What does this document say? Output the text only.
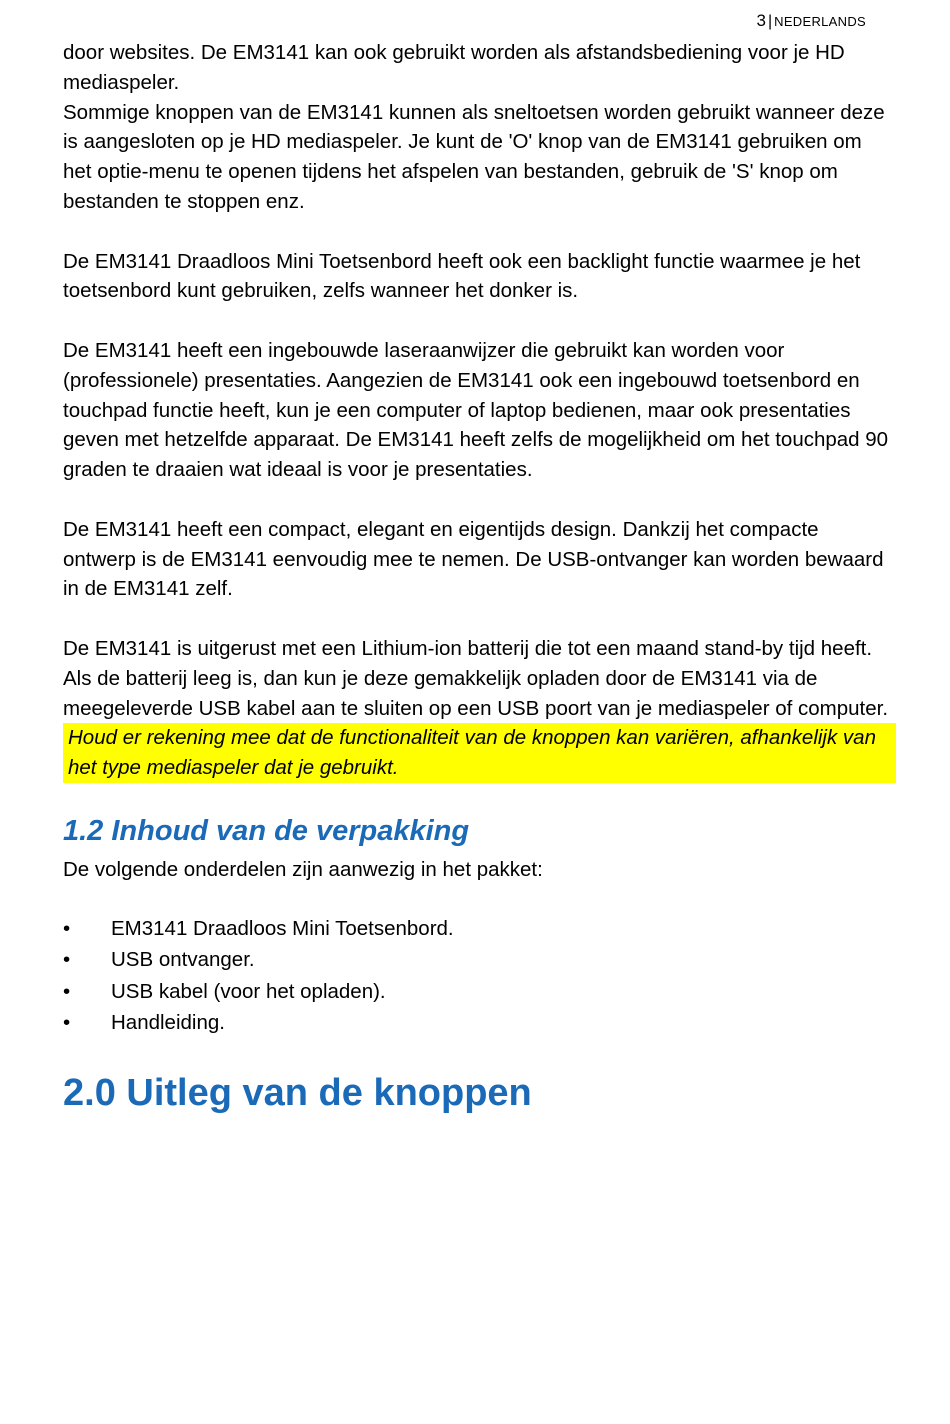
3 | NEDERLANDS

door websites. De EM3141 kan ook gebruikt worden als afstandsbediening voor je HD mediaspeler.

Sommige knoppen van de EM3141 kunnen als sneltoetsen worden gebruikt wanneer deze is aangesloten op je HD mediaspeler. Je kunt de 'O' knop van de EM3141 gebruiken om het optie-menu te openen tijdens het afspelen van bestanden, gebruik de 'S' knop om bestanden te stoppen enz.

De EM3141 Draadloos Mini Toetsenbord heeft ook een backlight functie waarmee je het toetsenbord kunt gebruiken, zelfs wanneer het donker is.

De EM3141 heeft een ingebouwde laseraanwijzer die gebruikt kan worden voor (professionele) presentaties. Aangezien de EM3141 ook een ingebouwd toetsenbord en touchpad functie heeft, kun je een computer of laptop bedienen, maar ook presentaties geven met hetzelfde apparaat. De EM3141 heeft zelfs de mogelijkheid om het touchpad 90 graden te draaien wat ideaal is voor je presentaties.

De EM3141 heeft een compact, elegant en eigentijds design. Dankzij het compacte ontwerp is de EM3141 eenvoudig mee te nemen. De USB-ontvanger kan worden bewaard in de EM3141 zelf.

De EM3141 is uitgerust met een Lithium-ion batterij die tot een maand stand-by tijd heeft. Als de batterij leeg is, dan kun je deze gemakkelijk opladen door de EM3141 via de meegeleverde USB kabel aan te sluiten op een USB poort van je mediaspeler of computer.

Houd er rekening mee dat de functionaliteit van de knoppen kan variëren, afhankelijk van het type mediaspeler dat je gebruikt.

1.2 Inhoud van de verpakking

De volgende onderdelen zijn aanwezig in het pakket:

• EM3141 Draadloos Mini Toetsenbord.
• USB ontvanger.
• USB kabel (voor het opladen).
• Handleiding.
2.0 Uitleg van de knoppen
